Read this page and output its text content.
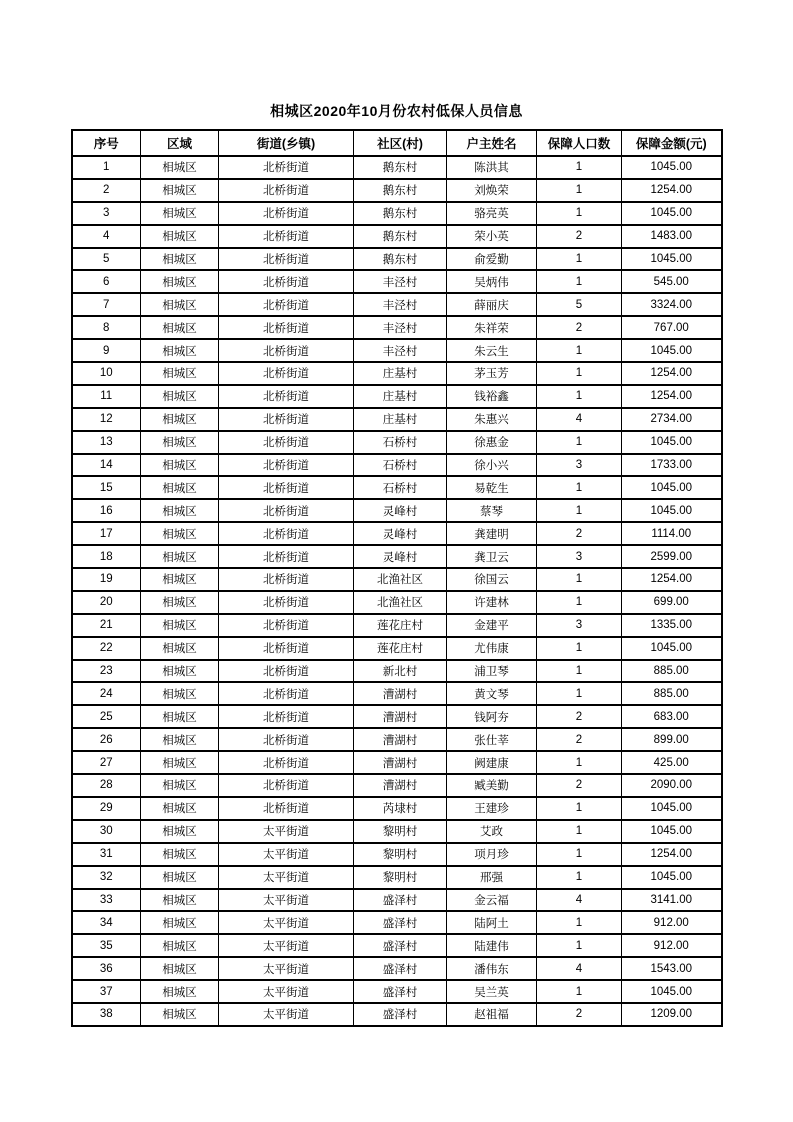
相城区2020年10月份农村低保人员信息
序号	区域	街道(乡镇)	社区(村)	户主姓名	保障人口数	保障金额(元)
1	相城区	北桥街道	鹅东村	陈洪其	1	1045.00
2	相城区	北桥街道	鹅东村	刘焕荣	1	1254.00
3	相城区	北桥街道	鹅东村	骆亮英	1	1045.00
4	相城区	北桥街道	鹅东村	荣小英	2	1483.00
5	相城区	北桥街道	鹅东村	俞爱勤	1	1045.00
6	相城区	北桥街道	丰泾村	吴炳伟	1	545.00
7	相城区	北桥街道	丰泾村	薛丽庆	5	3324.00
8	相城区	北桥街道	丰泾村	朱祥荣	2	767.00
9	相城区	北桥街道	丰泾村	朱云生	1	1045.00
10	相城区	北桥街道	庄基村	茅玉芳	1	1254.00
11	相城区	北桥街道	庄基村	钱裕鑫	1	1254.00
12	相城区	北桥街道	庄基村	朱惠兴	4	2734.00
13	相城区	北桥街道	石桥村	徐惠金	1	1045.00
14	相城区	北桥街道	石桥村	徐小兴	3	1733.00
15	相城区	北桥街道	石桥村	易乾生	1	1045.00
16	相城区	北桥街道	灵峰村	蔡琴	1	1045.00
17	相城区	北桥街道	灵峰村	龚建明	2	1114.00
18	相城区	北桥街道	灵峰村	龚卫云	3	2599.00
19	相城区	北桥街道	北渔社区	徐国云	1	1254.00
20	相城区	北桥街道	北渔社区	许建林	1	699.00
21	相城区	北桥街道	莲花庄村	金建平	3	1335.00
22	相城区	北桥街道	莲花庄村	尤伟康	1	1045.00
23	相城区	北桥街道	新北村	浦卫琴	1	885.00
24	相城区	北桥街道	漕湖村	黄文琴	1	885.00
25	相城区	北桥街道	漕湖村	钱阿夯	2	683.00
26	相城区	北桥街道	漕湖村	张仕莘	2	899.00
27	相城区	北桥街道	漕湖村	阙建康	1	425.00
28	相城区	北桥街道	漕湖村	臧美勤	2	2090.00
29	相城区	北桥街道	芮埭村	王建珍	1	1045.00
30	相城区	太平街道	黎明村	艾政	1	1045.00
31	相城区	太平街道	黎明村	项月珍	1	1254.00
32	相城区	太平街道	黎明村	邢强	1	1045.00
33	相城区	太平街道	盛泽村	金云福	4	3141.00
34	相城区	太平街道	盛泽村	陆阿土	1	912.00
35	相城区	太平街道	盛泽村	陆建伟	1	912.00
36	相城区	太平街道	盛泽村	潘伟东	4	1543.00
37	相城区	太平街道	盛泽村	吴兰英	1	1045.00
38	相城区	太平街道	盛泽村	赵祖福	2	1209.00
